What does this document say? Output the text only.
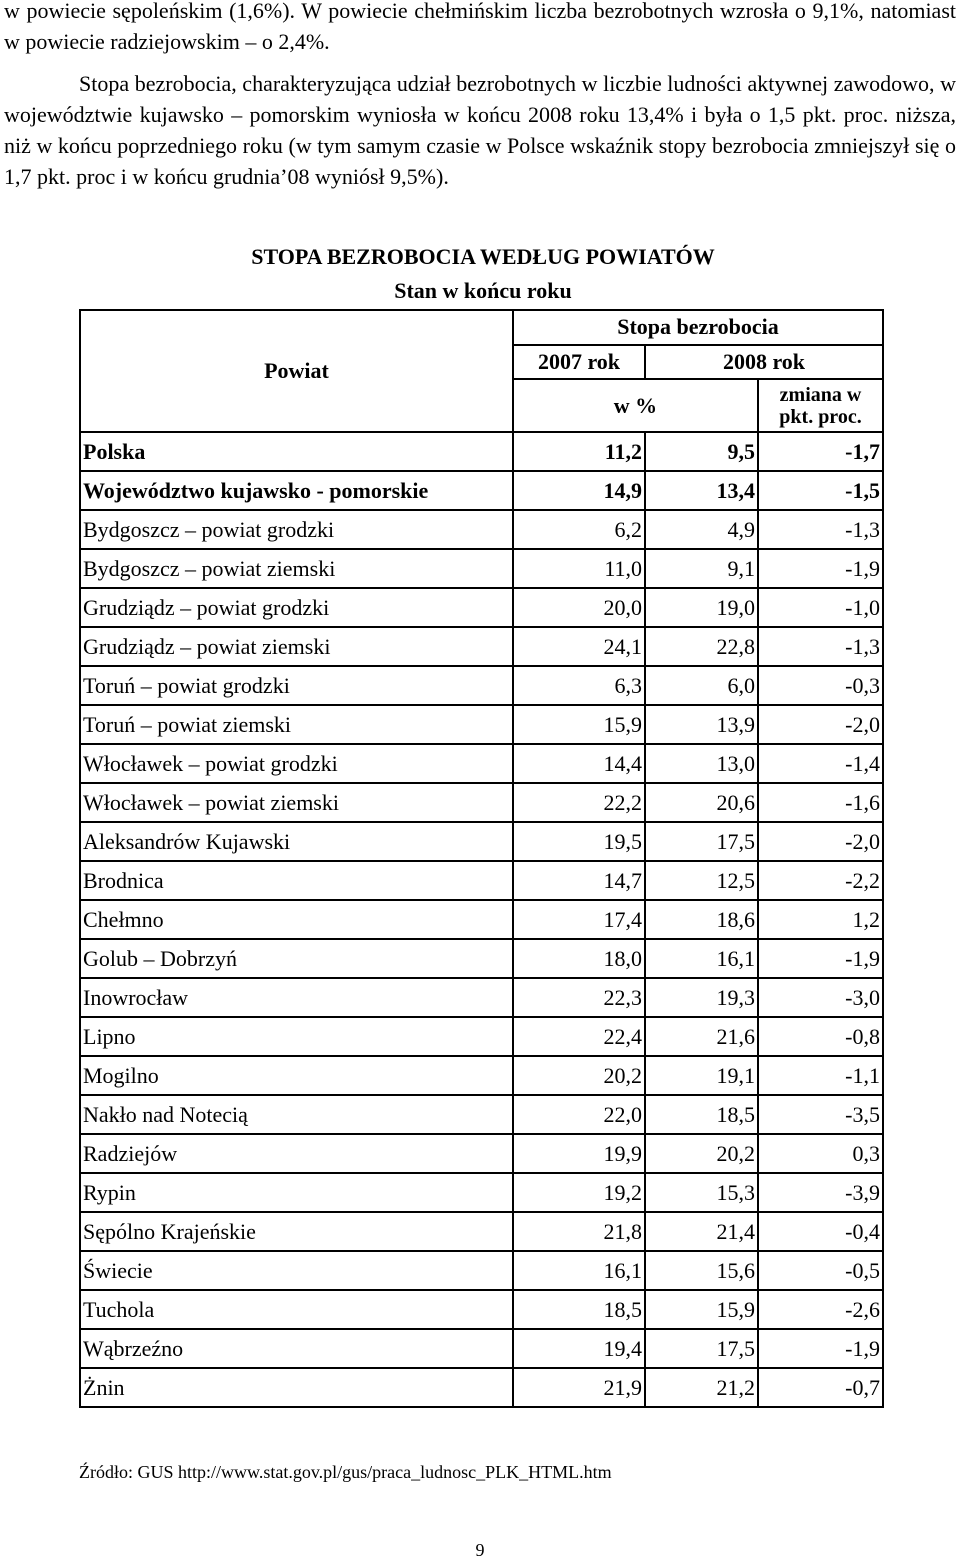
w powiecie sępoleńskim (1,6%). W powiecie chełmińskim liczba bezrobotnych wzrosła o 9,1%, natomiast w powiecie radziejowskim – o 2,4%.

Stopa bezrobocia, charakteryzująca udział bezrobotnych w liczbie ludności aktywnej zawodowo, w województwie kujawsko – pomorskim wyniosła w końcu 2008 roku 13,4% i była o 1,5 pkt. proc. niższa, niż w końcu poprzedniego roku (w tym samym czasie w Polsce wskaźnik stopy bezrobocia zmniejszył się o 1,7 pkt. proc i w końcu grudnia’08 wyniósł 9,5%).

STOPA BEZROBOCIA WEDŁUG POWIATÓW

Stan w końcu roku

Powiat	Stopa bezrobocia		
	2007 rok	2008 rok	
	w %		zmiana w pkt. proc.
Polska	11,2	9,5	-1,7
Województwo kujawsko - pomorskie	14,9	13,4	-1,5
Bydgoszcz – powiat grodzki	6,2	4,9	-1,3
Bydgoszcz – powiat ziemski	11,0	9,1	-1,9
Grudziądz – powiat grodzki	20,0	19,0	-1,0
Grudziądz – powiat ziemski	24,1	22,8	-1,3
Toruń – powiat grodzki	6,3	6,0	-0,3
Toruń – powiat ziemski	15,9	13,9	-2,0
Włocławek – powiat grodzki	14,4	13,0	-1,4
Włocławek – powiat ziemski	22,2	20,6	-1,6
Aleksandrów Kujawski	19,5	17,5	-2,0
Brodnica	14,7	12,5	-2,2
Chełmno	17,4	18,6	1,2
Golub – Dobrzyń	18,0	16,1	-1,9
Inowrocław	22,3	19,3	-3,0
Lipno	22,4	21,6	-0,8
Mogilno	20,2	19,1	-1,1
Nakło nad Notecią	22,0	18,5	-3,5
Radziejów	19,9	20,2	0,3
Rypin	19,2	15,3	-3,9
Sępólno Krajeńskie	21,8	21,4	-0,4
Świecie	16,1	15,6	-0,5
Tuchola	18,5	15,9	-2,6
Wąbrzeźno	19,4	17,5	-1,9
Żnin	21,9	21,2	-0,7

Źródło: GUS http://www.stat.gov.pl/gus/praca_ludnosc_PLK_HTML.htm

9
